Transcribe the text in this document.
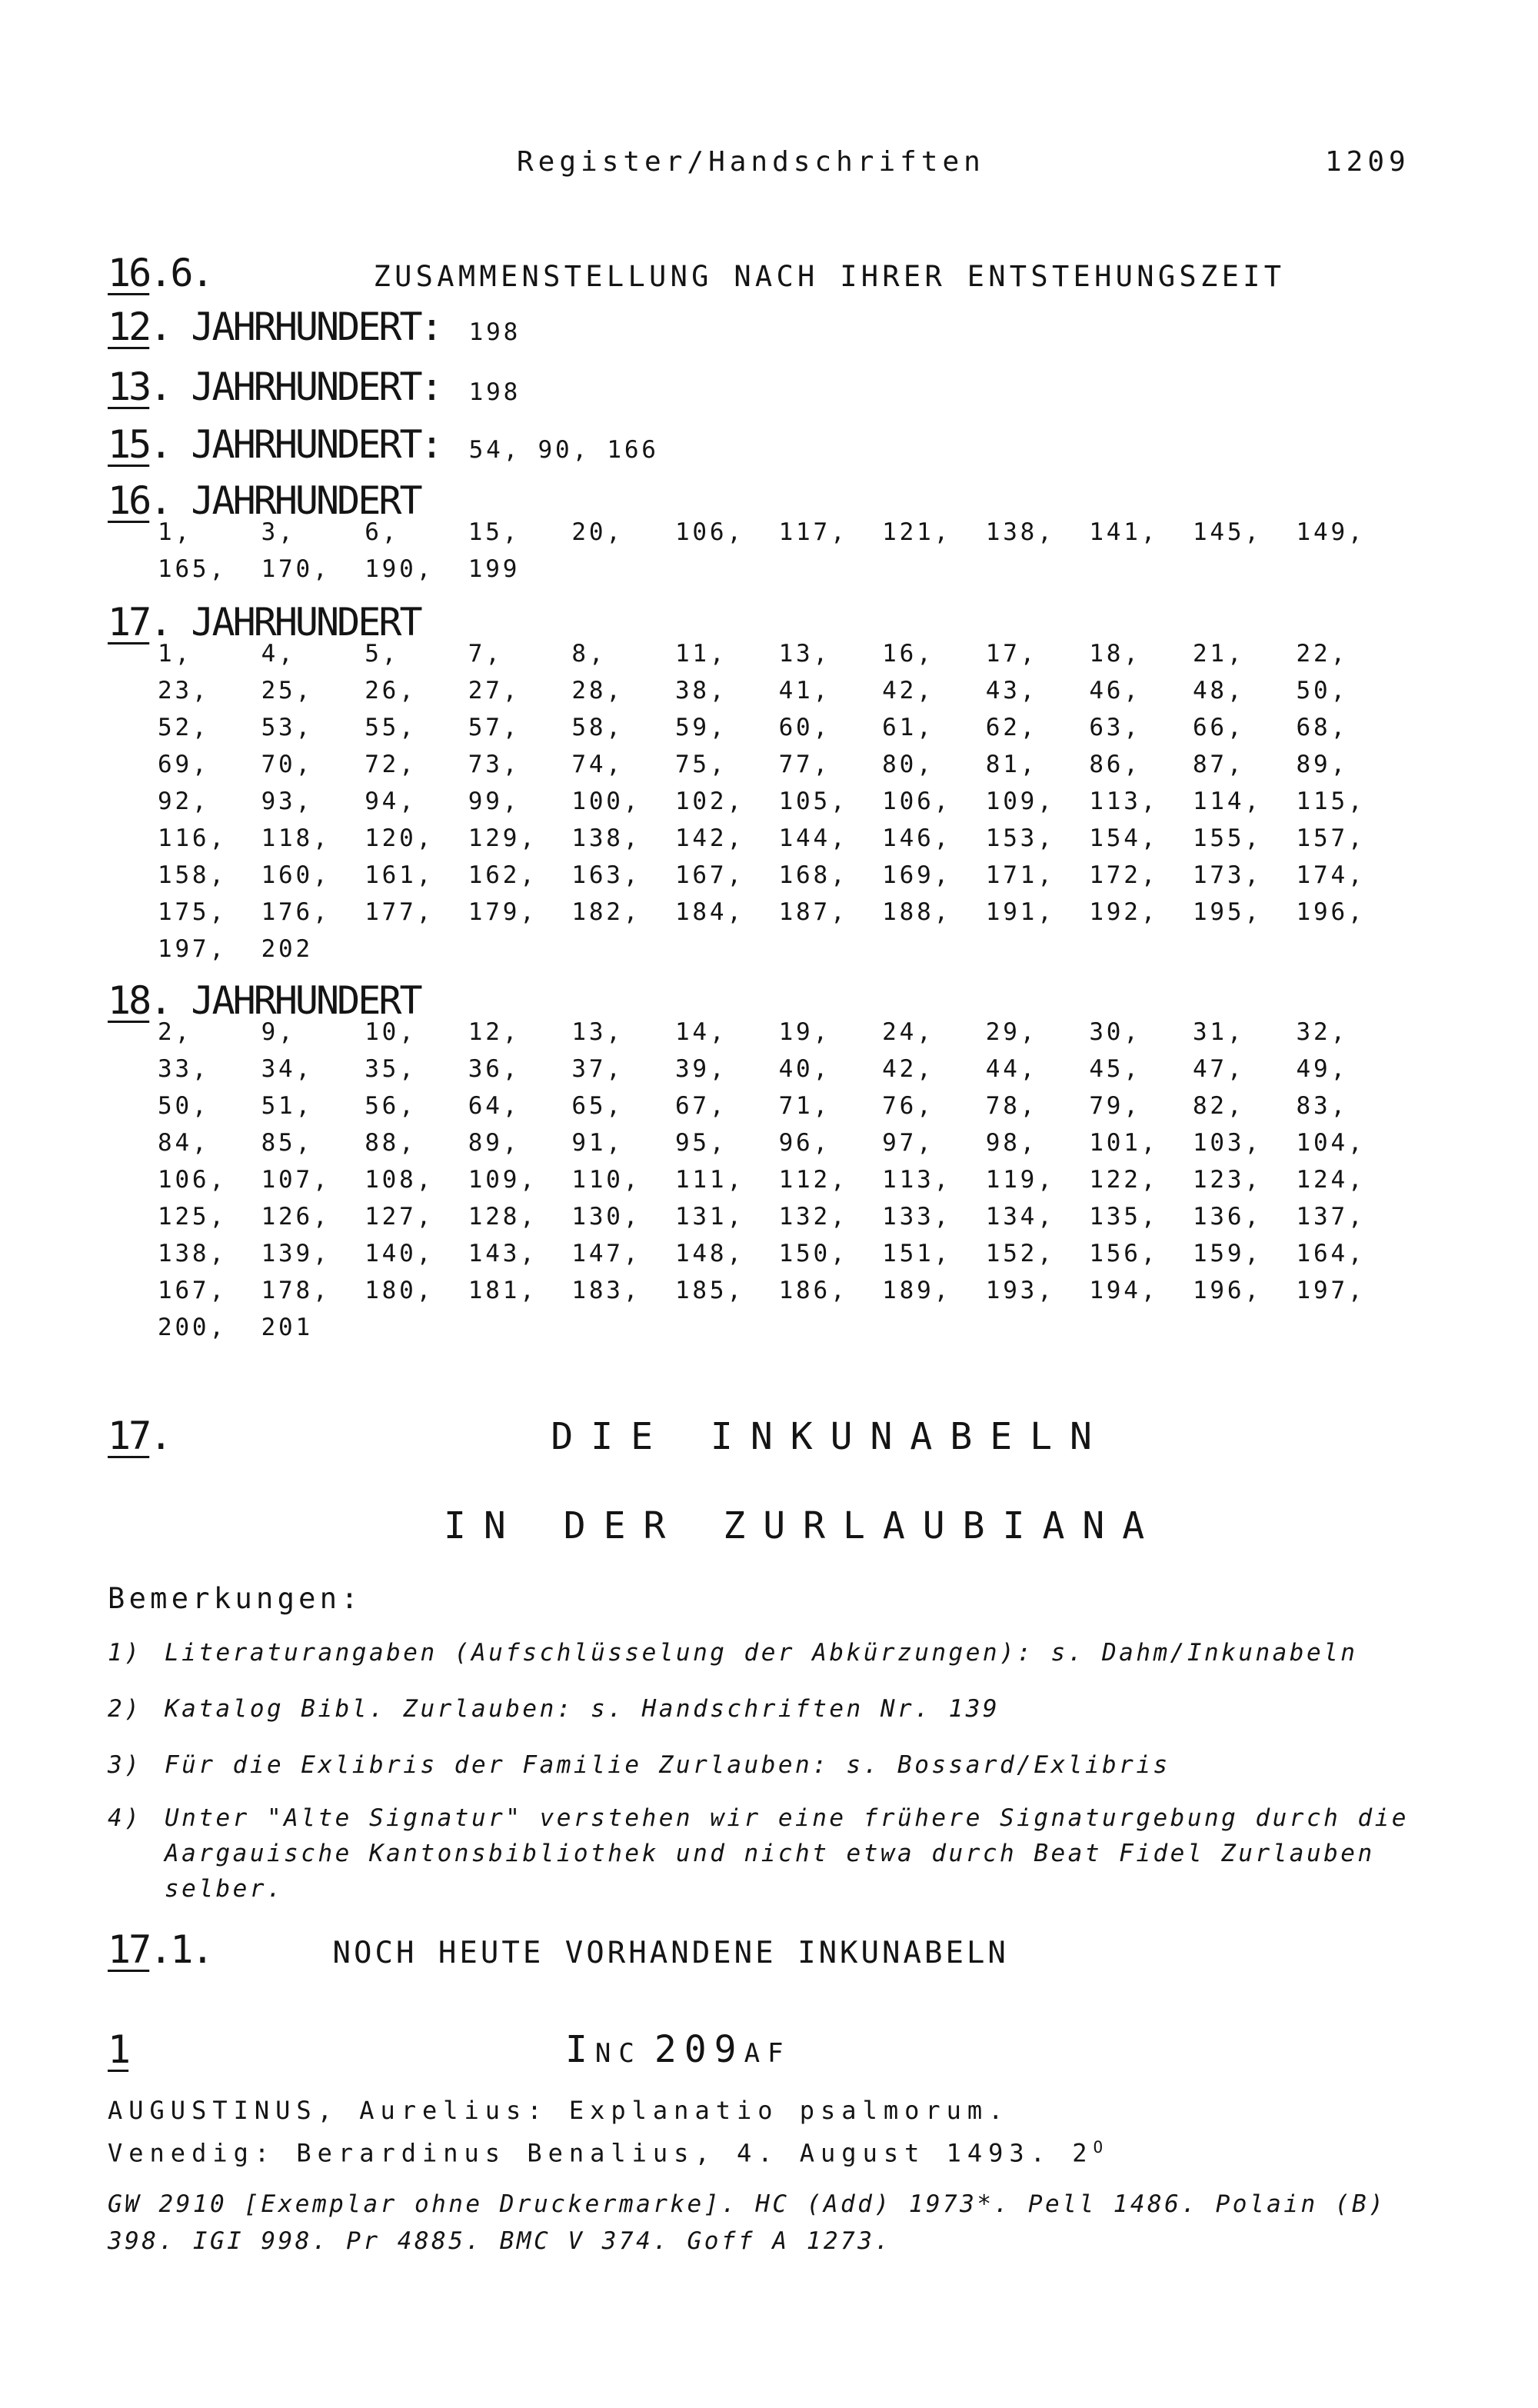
Register/Handschriften	1209
16.6.	ZUSAMMENSTELLUNG NACH IHRER ENTSTEHUNGSZEIT
12. JAHRHUNDERT: 198
13. JAHRHUNDERT: 198
15. JAHRHUNDERT: 54, 90, 166
16. JAHRHUNDERT
1,	3,	6,	15, 20, 106, 117, 121, 138, 141, 145, 149,
165, 170, 190, 199
17. JAHRHUNDERT
1,	4,	5,	7,	8,	11, 13, 16, 17, 18, 21, 22,
23, 25, 26, 27, 28, 38, 41, 42, 43, 46, 48, 50,
52, 53, 55, 57, 58, 59, 60, 61, 62, 63, 66, 68,
69, 70, 72, 73, 74, 75, 77, 80, 81, 86, 87, 89,
92, 93, 94, 99, 100, 102, 105, 106, 109, 113, 114, 115,
116, 118, 120, 129, 138, 142, 144, 146, 153, 154, 155, 157,
158, 160, 161, 162, 163, 167, 168, 169, 171, 172, 173, 174,
175, 176, 177, 179, 182, 184, 187, 188, 191, 192, 195, 196,
197, 202
18. JAHRHUNDERT
2,	9,	10, 12, 13, 14, 19, 24, 29, 30, 31, 32,
33, 34, 35, 36, 37, 39, 40, 42, 44, 45, 47, 49,
50, 51, 56, 64, 65, 67, 71, 76, 78, 79, 82, 83,
84, 85, 88, 89, 91, 95, 96, 97, 98, 101, 103, 104,
106, 107, 108, 109, 110, 111, 112, 113, 119, 122, 123, 124,
125, 126, 127, 128, 130, 131, 132, 133, 134, 135, 136, 137,
138, 139, 140, 143, 147, 148, 150, 151, 152, 156, 159, 164,
167, 178, 180, 181, 183, 185, 186, 189, 193, 194, 196, 197,
200, 201
17.	DIE INKUNABELN
IN DER ZURLAUBIANA
Bemerkungen:
1) Literaturangaben (Aufschlüsselung der Abkürzungen): s. Dahm/Inkunabeln
2) Katalog Bibl. Zurlauben: s. Handschriften Nr. 139
3) Für die Exlibris der Familie Zurlauben: s. Bossard/Exlibris
4) Unter "Alte Signatur" verstehen wir eine frühere Signaturgebung durch die
Aargauische Kantonsbibliothek und nicht etwa durch Beat Fidel Zurlauben
selber.
17.1.	NOCH HEUTE VORHANDENE INKUNABELN
1	INC 209AF
AUGUSTINUS, Aurelius: Explanatio psalmorum.
Venedig: Berardinus Benalius, 4. August 1493. $2^O$
GW 2910 [Exemplar ohne Druckermarke]. HC (Add) 1973*. Pell 1486. Polain (B)
398. IGI 998. Pr 4885. BMC V 374. Goff A 1273.
